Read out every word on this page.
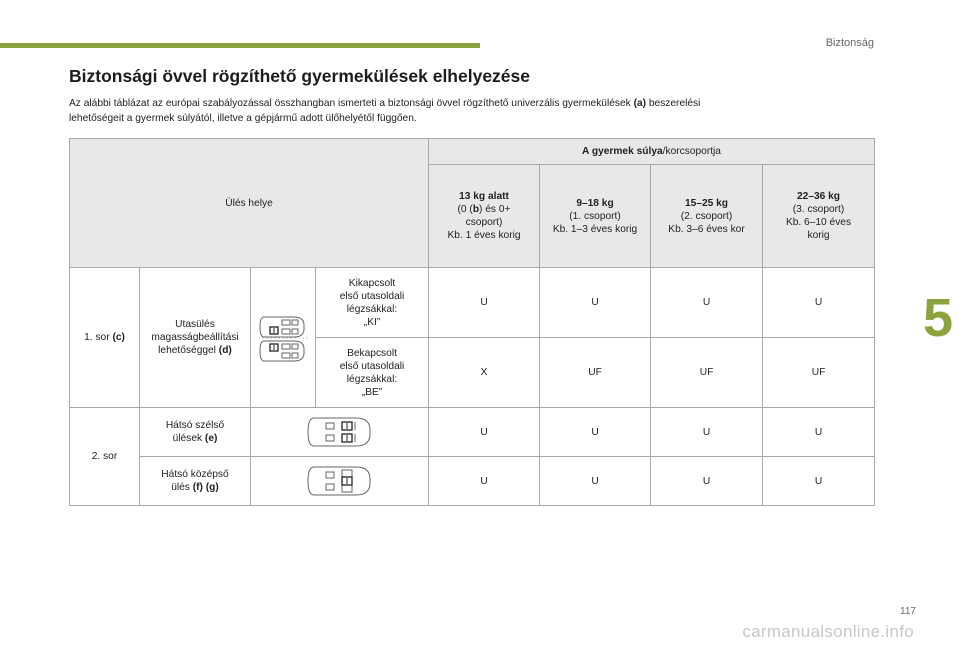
Biztonság
5
Biztonsági övvel rögzíthető gyermekülések elhelyezése

Az alábbi táblázat az európai szabályozással összhangban ismerteti a biztonsági övvel rögzíthető univerzális gyermekülések (a) beszerelési
lehetőségeit a gyermek súlyától, illetve a gépjármű adott ülőhelyétől függően.

Ülés helye				A gyermek súlya/korcsoportja			
				13 kg alatt
(0 (b) és 0+
csoport)
Kb. 1 éves korig	9–18 kg
(1. csoport)
Kb. 1–3 éves korig	15–25 kg
(2. csoport)
Kb. 3–6 éves kor	22–36 kg
(3. csoport)
Kb. 6–10 éves
korig
1. sor (c)	Utasülés
magasságbeállítási
lehetőséggel (d)		Kikapcsolt
első utasoldali
légzsákkal:
„KI”	U	U	U	U
			Bekapcsolt
első utasoldali
légzsákkal:
„BE”	X	UF	UF	UF
2. sor	Hátsó szélső
ülések (e)			U	U	U	U
	Hátsó középső
ülés (f) (g)			U	U	U	U
117
carmanualsonline.info
